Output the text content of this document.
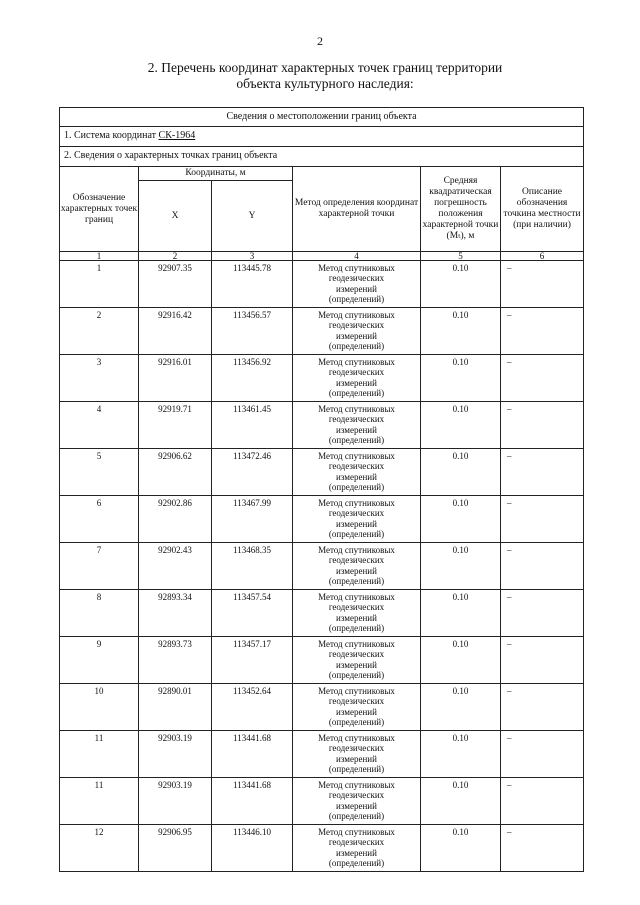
2
2. Перечень координат характерных точек границ территории
объекта культурного наследия:
Сведения о местоположении границ объекта					
1. Система координат СК-1964					
2. Сведения о характерных точках границ объекта					
Обозначение характерных точек границ	Координаты, м		Метод определения координат характерной точки	Средняя квадратическая погрешность положения характерной точки (Mₜ), м	Описание обозначения точкина местности (при наличии)
	X	Y			
1	2	3	4	5	6
1	92907.35	113445.78	Метод спутниковых
геодезических
измерений
(определений)	0.10	–
2	92916.42	113456.57	Метод спутниковых
геодезических
измерений
(определений)	0.10	–
3	92916.01	113456.92	Метод спутниковых
геодезических
измерений
(определений)	0.10	–
4	92919.71	113461.45	Метод спутниковых
геодезических
измерений
(определений)	0.10	–
5	92906.62	113472.46	Метод спутниковых
геодезических
измерений
(определений)	0.10	–
6	92902.86	113467.99	Метод спутниковых
геодезических
измерений
(определений)	0.10	–
7	92902.43	113468.35	Метод спутниковых
геодезических
измерений
(определений)	0.10	–
8	92893.34	113457.54	Метод спутниковых
геодезических
измерений
(определений)	0.10	–
9	92893.73	113457.17	Метод спутниковых
геодезических
измерений
(определений)	0.10	–
10	92890.01	113452.64	Метод спутниковых
геодезических
измерений
(определений)	0.10	–
11	92903.19	113441.68	Метод спутниковых
геодезических
измерений
(определений)	0.10	–
11	92903.19	113441.68	Метод спутниковых
геодезических
измерений
(определений)	0.10	–
12	92906.95	113446.10	Метод спутниковых
геодезических
измерений
(определений)	0.10	–
